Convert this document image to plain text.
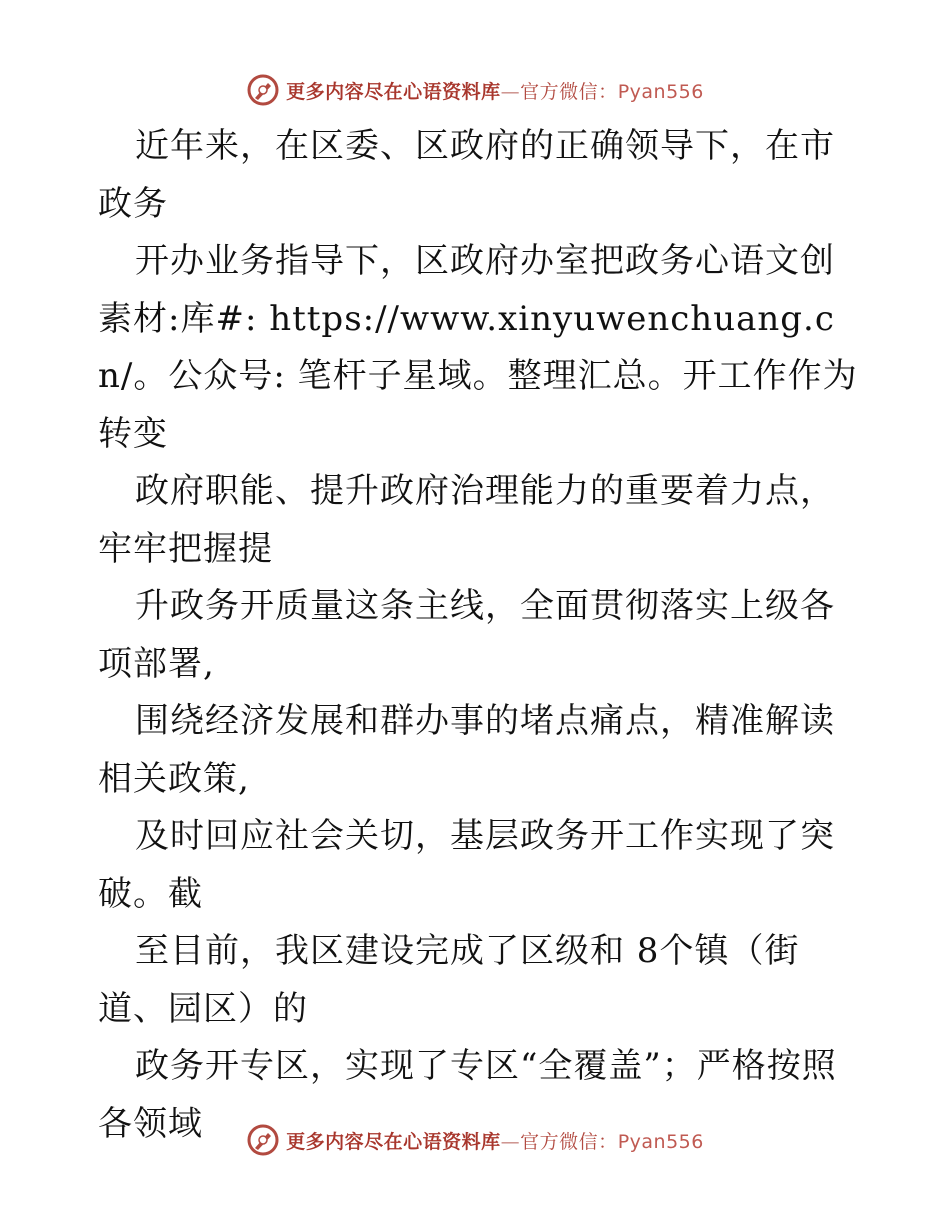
更多内容尽在心语资料库—官方微信：Pyan556

近年来，在区委、区政府的正确领导下，在市政务

开办业务指导下，区政府办室把政务心语文创素材:库#: https://www.xinyuwenchuang.cn/。公众号: 笔杆子星域。整理汇总。开工作作为转变

政府职能、提升政府治理能力的重要着力点，牢牢把握提

升政务开质量这条主线，全面贯彻落实上级各项部署,

围绕经济发展和群办事的堵点痛点，精准解读相关政策,

及时回应社会关切，基层政务开工作实现了突破。截

至目前，我区建设完成了区级和 8个镇（街道、园区）的

政务开专区，实现了专区“全覆盖”；严格按照各领域	更多内容尽在心语资料库—官方微信：Pyan556
